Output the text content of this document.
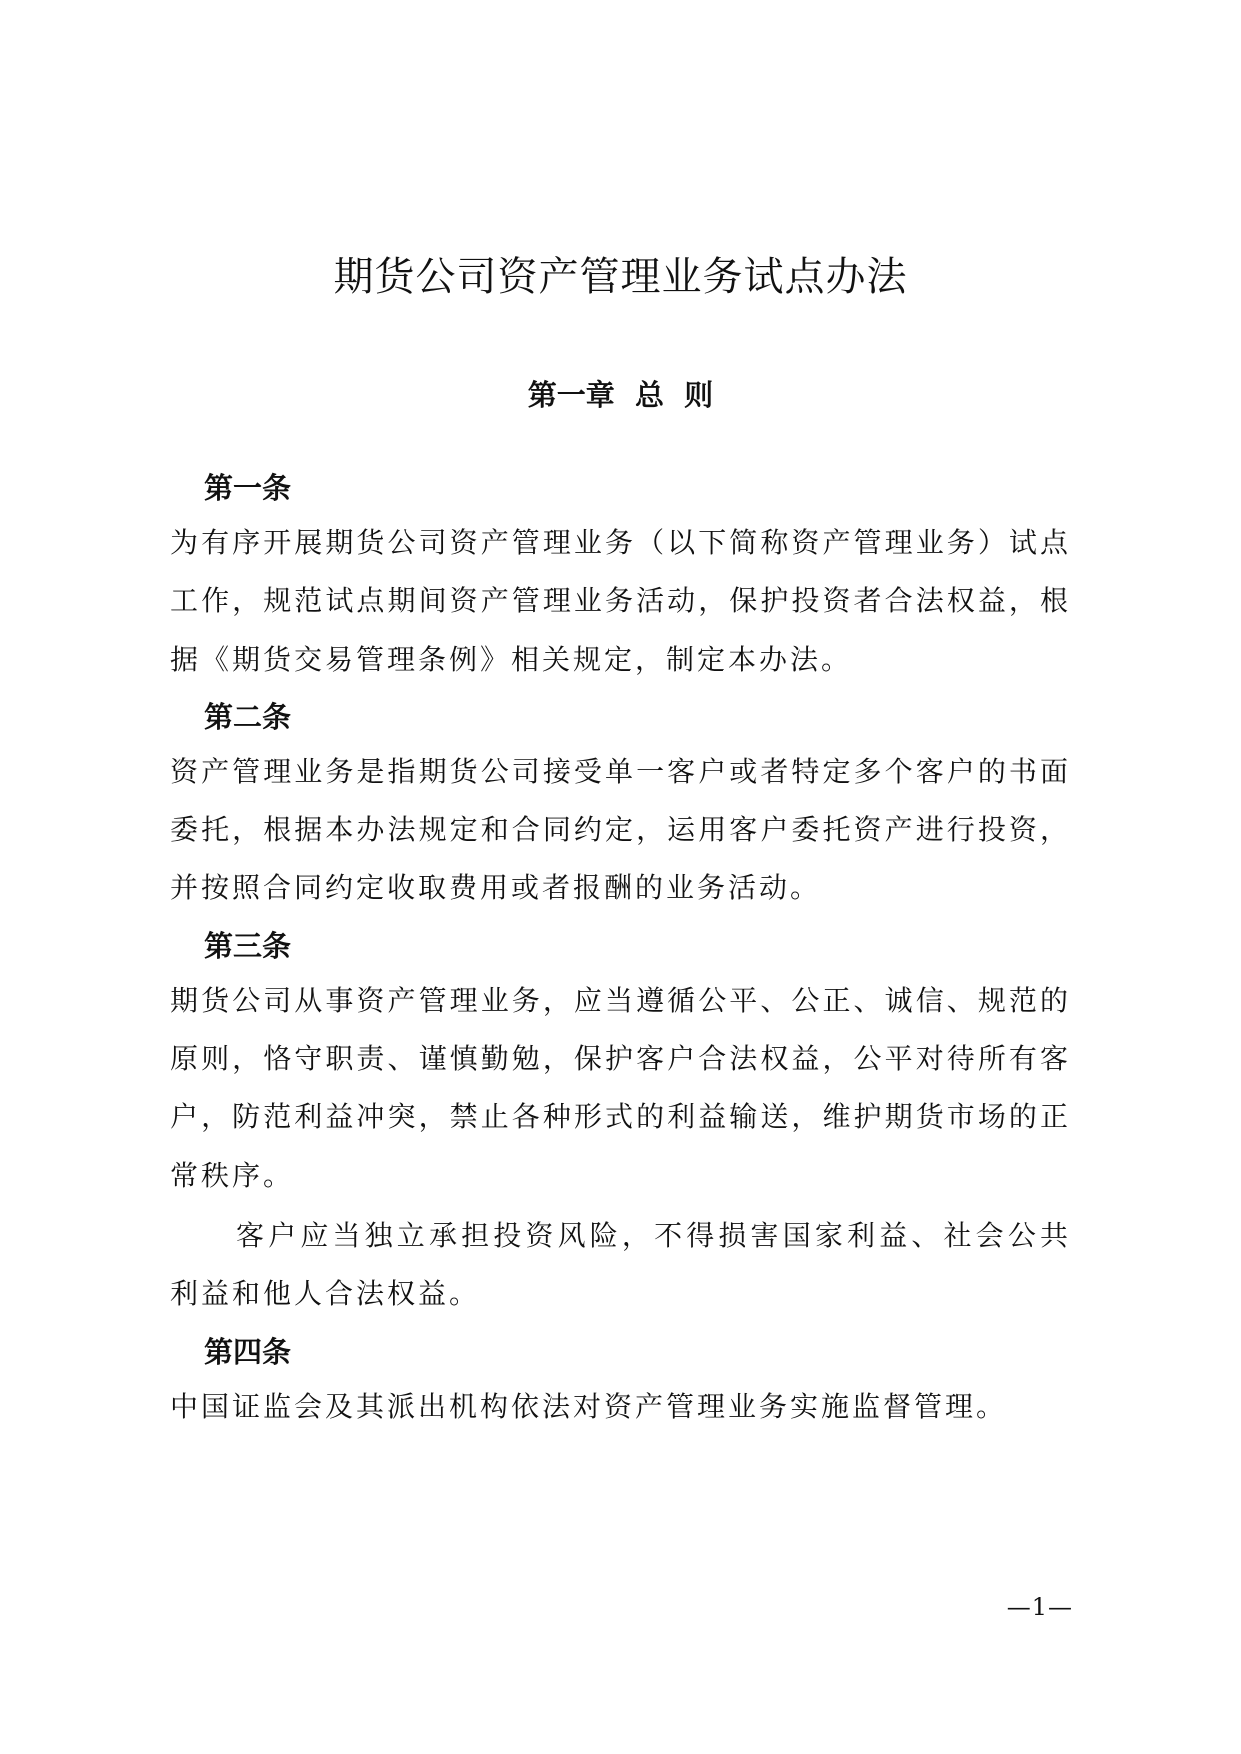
期货公司资产管理业务试点办法
第一章  总  则
第一条

为有序开展期货公司资产管理业务（以下简称资产管理业务）试点工作，规范试点期间资产管理业务活动，保护投资者合法权益，根据《期货交易管理条例》相关规定，制定本办法。

第二条

资产管理业务是指期货公司接受单一客户或者特定多个客户的书面委托，根据本办法规定和合同约定，运用客户委托资产进行投资，并按照合同约定收取费用或者报酬的业务活动。

第三条

期货公司从事资产管理业务，应当遵循公平、公正、诚信、规范的原则，恪守职责、谨慎勤勉，保护客户合法权益，公平对待所有客户，防范利益冲突，禁止各种形式的利益输送，维护期货市场的正常秩序。

客户应当独立承担投资风险，不得损害国家利益、社会公共利益和他人合法权益。

第四条

中国证监会及其派出机构依法对资产管理业务实施监督管理。

—1—
